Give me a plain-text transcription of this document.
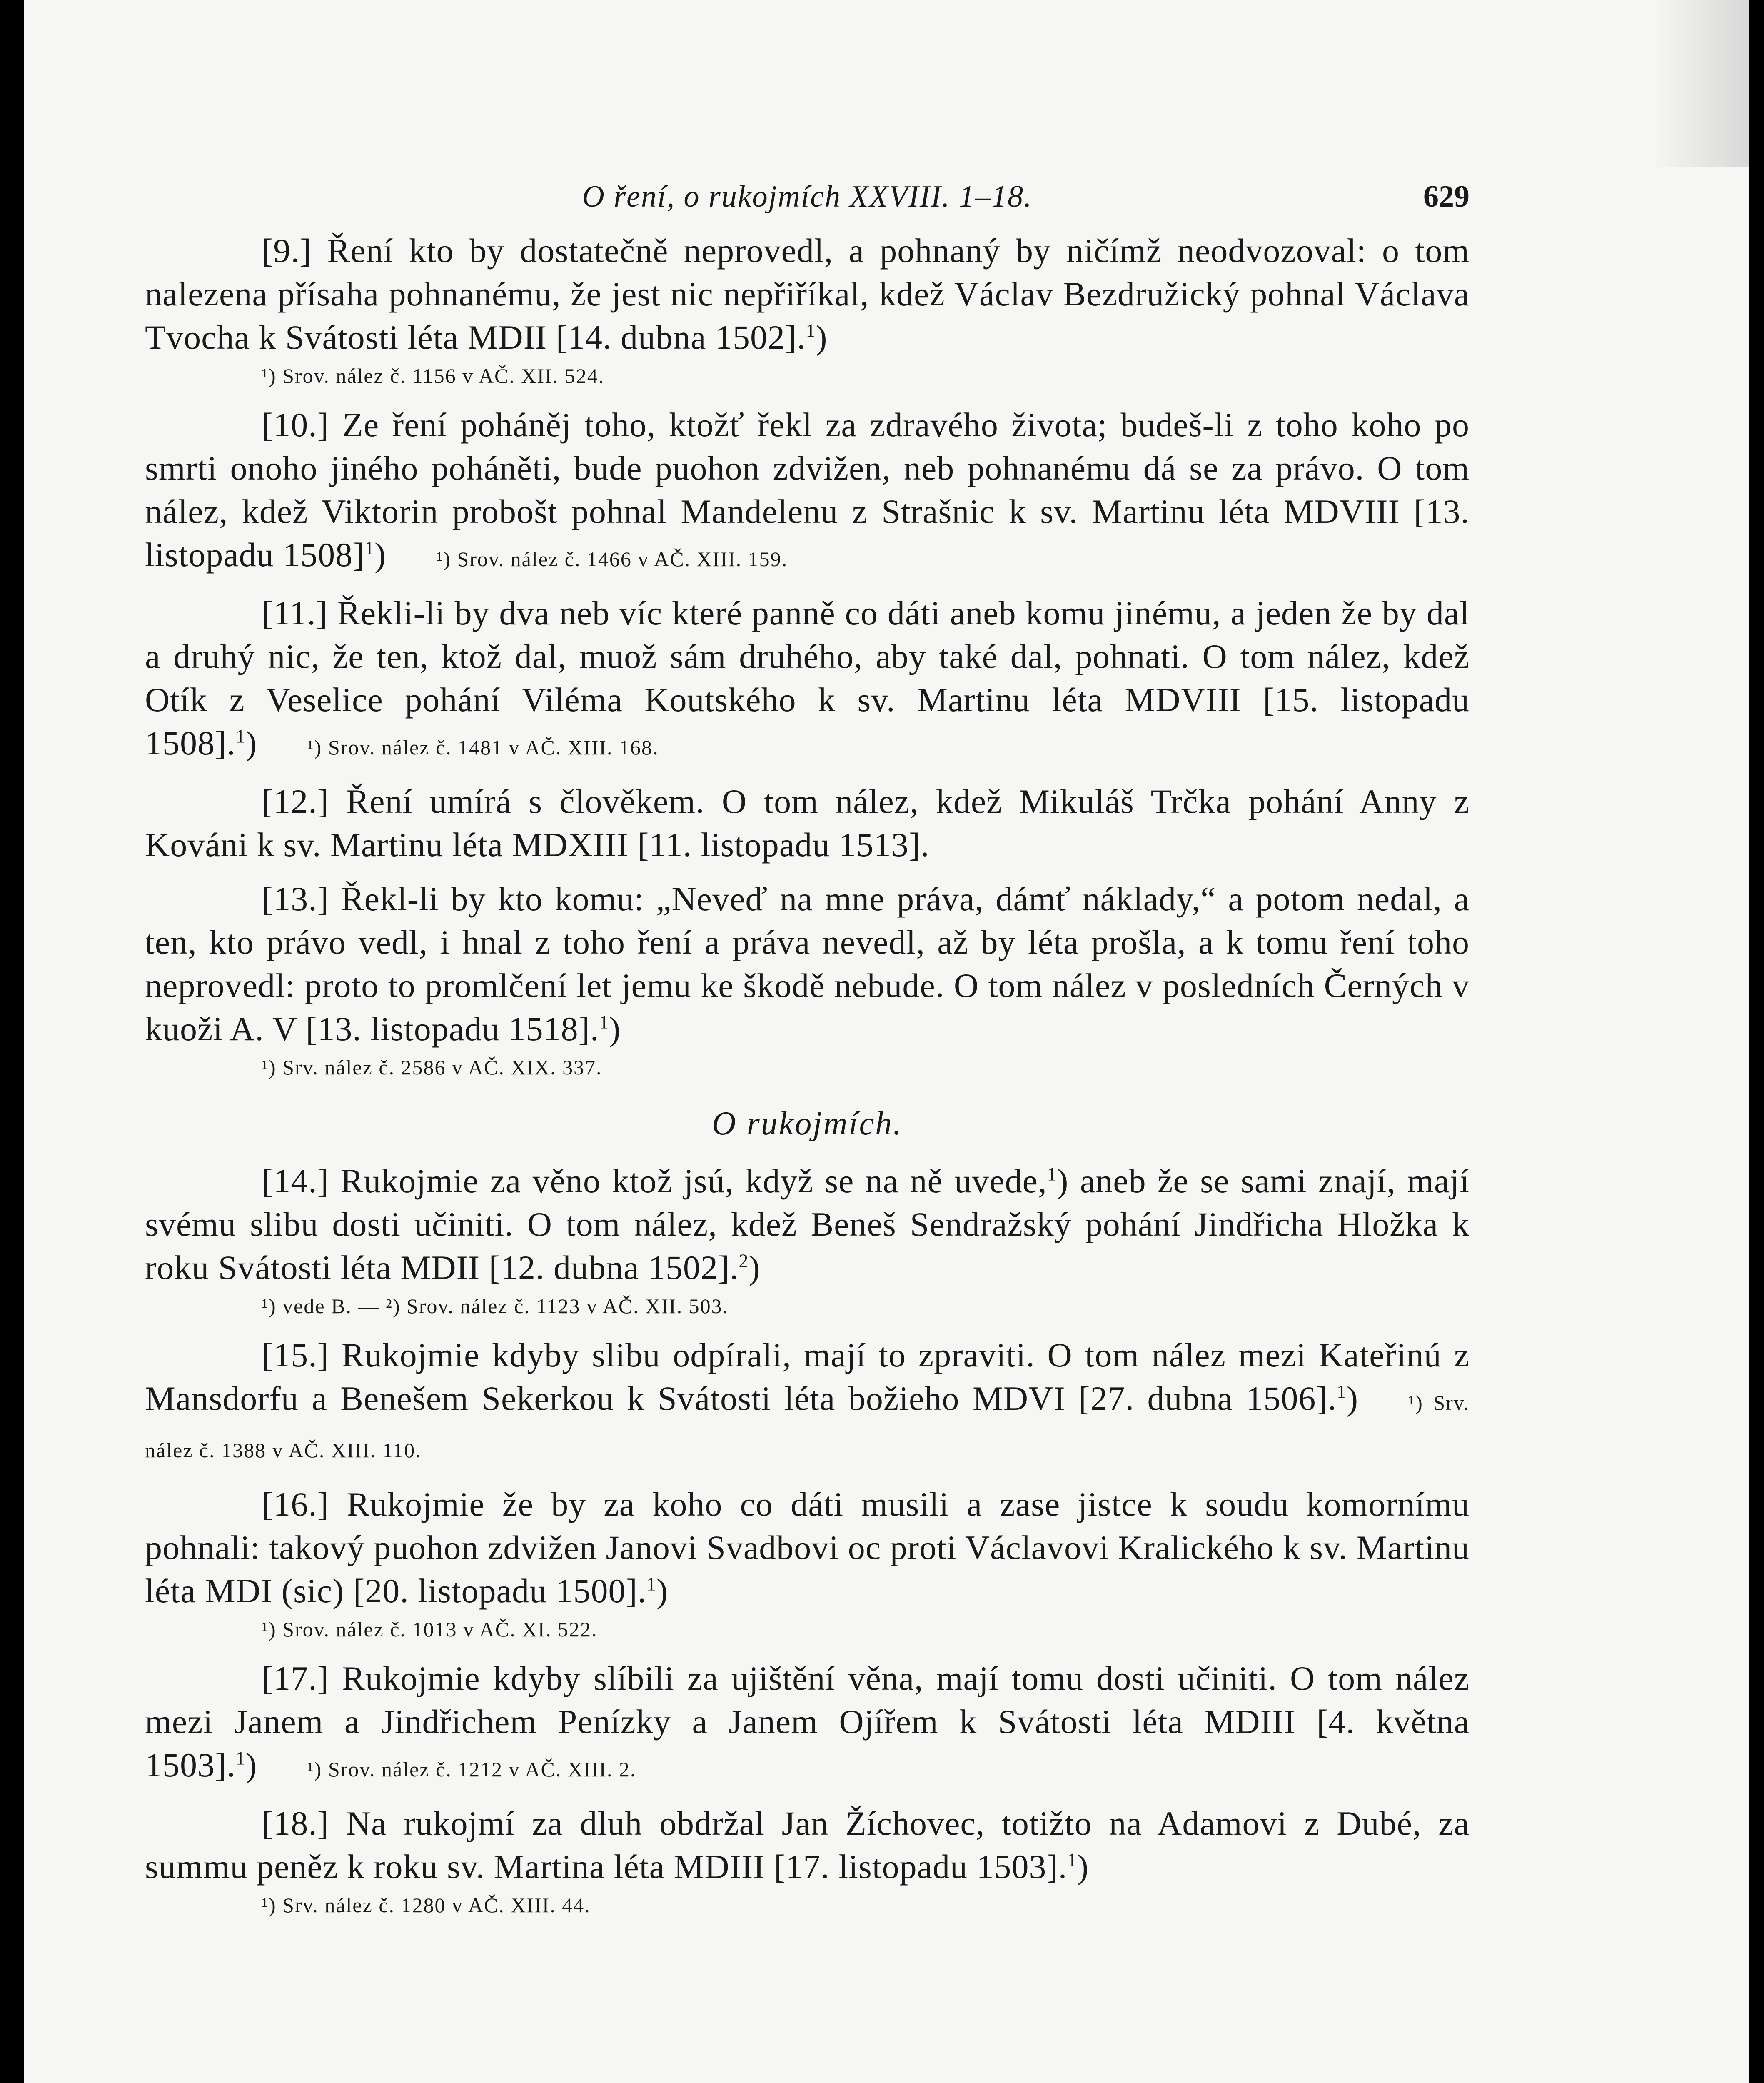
O ření, o rukojmích XXVIII. 1–18.	629

[9.] Ření kto by dostatečně neprovedl, a pohnaný by ničímž neodvozoval: o tom nalezena přísaha pohnanému, že jest nic nepřiříkal, kdež Václav Bezdružický pohnal Václava Tvocha k Svátosti léta MDII [14. dubna 1502].$^1$)

¹) Srov. nález č. 1156 v AČ. XII. 524.

[10.] Ze ření poháněj toho, ktožť řekl za zdravého života; budeš-li z toho koho po smrti onoho jiného poháněti, bude puohon zdvižen, neb pohnanému dá se za právo. O tom nález, kdež Viktorin probošt pohnal Mandelenu z Strašnic k sv. Martinu léta MDVIII [13. listopadu 1508]$^1$) ¹) Srov. nález č. 1466 v AČ. XIII. 159.

[11.] Řekli-li by dva neb víc které panně co dáti aneb komu jinému, a jeden že by dal a druhý nic, že ten, ktož dal, muož sám druhého, aby také dal, pohnati. O tom nález, kdež Otík z Veselice pohání Viléma Koutského k sv. Martinu léta MDVIII [15. listopadu 1508].$^1$) ¹) Srov. nález č. 1481 v AČ. XIII. 168.

[12.] Ření umírá s člověkem. O tom nález, kdež Mikuláš Trčka pohání Anny z Kováni k sv. Martinu léta MDXIII [11. listopadu 1513].

[13.] Řekl-li by kto komu: „Neveď na mne práva, dámť náklady,“ a potom nedal, a ten, kto právo vedl, i hnal z toho ření a práva nevedl, až by léta prošla, a k tomu ření toho neprovedl: proto to promlčení let jemu ke škodě nebude. O tom nález v posledních Černých v kuoži A. V [13. listopadu 1518].$^1$)

¹) Srv. nález č. 2586 v AČ. XIX. 337.
O rukojmích.

[14.] Rukojmie za věno ktož jsú, když se na ně uvede,$^1$) aneb že se sami znají, mají svému slibu dosti učiniti. O tom nález, kdež Beneš Sendražský pohání Jindřicha Hložka k roku Svátosti léta MDII [12. dubna 1502].$^2$)

¹) vede B. — ²) Srov. nález č. 1123 v AČ. XII. 503.

[15.] Rukojmie kdyby slibu odpírali, mají to zpraviti. O tom nález mezi Kateřinú z Mansdorfu a Benešem Sekerkou k Svátosti léta božieho MDVI [27. dubna 1506].$^1$) ¹) Srv. nález č. 1388 v AČ. XIII. 110.

[16.] Rukojmie že by za koho co dáti musili a zase jistce k soudu komornímu pohnali: takový puohon zdvižen Janovi Svadbovi oc proti Václavovi Kralického k sv. Martinu léta MDI (sic) [20. listopadu 1500].$^1$)

¹) Srov. nález č. 1013 v AČ. XI. 522.

[17.] Rukojmie kdyby slíbili za ujištění věna, mají tomu dosti učiniti. O tom nález mezi Janem a Jindřichem Penízky a Janem Ojířem k Svátosti léta MDIII [4. května 1503].$^1$) ¹) Srov. nález č. 1212 v AČ. XIII. 2.

[18.] Na rukojmí za dluh obdržal Jan Žíchovec, totižto na Adamovi z Dubé, za summu peněz k roku sv. Martina léta MDIII [17. listopadu 1503].$^1$)

¹) Srv. nález č. 1280 v AČ. XIII. 44.
